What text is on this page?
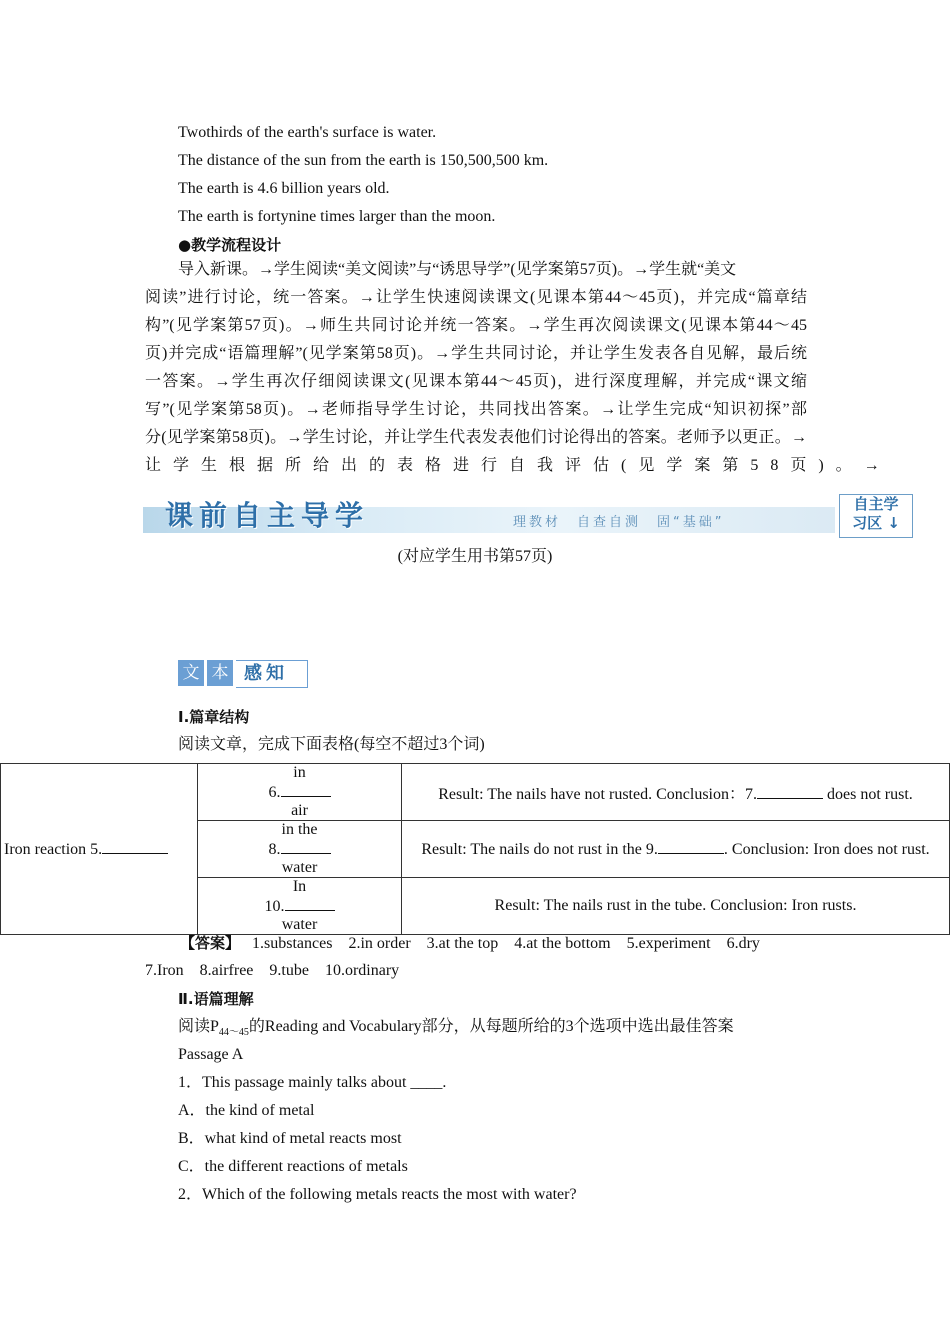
Twothirds of the earth's surface is water.
The distance of the sun from the earth is 150,500,500 km.
The earth is 4.6 billion years old.
The earth is fortynine times larger than the moon.
●教学流程设计
导入新课。→学生阅读“美文阅读”与“诱思导学”(见学案第57页)。→学生就“美文
阅读”进行讨论，统一答案。→让学生快速阅读课文(见课本第44～45页)，并完成“篇章结
构”(见学案第57页)。→师生共同讨论并统一答案。→学生再次阅读课文(见课本第44～45
页)并完成“语篇理解”(见学案第58页)。→学生共同讨论，并让学生发表各自见解，最后统
一答案。→学生再次仔细阅读课文(见课本第44～45页)，进行深度理解，并完成“课文缩
写”(见学案第58页)。→老师指导学生讨论，共同找出答案。→让学生完成“知识初探”部
分(见学案第58页)。→学生讨论，并让学生代表发表他们讨论得出的答案。老师予以更正。→
让学生根据所给出的表格进行自我评估(见学案第58页)。→
课前自主导学	理教材　自查自测　固“基础”
自主学
习区 ↓
(对应学生用书第57页)
文 本 感知
Ⅰ.篇章结构
阅读文章，完成下面表格(每空不超过3个词)
Iron reaction 5.	in
6.
air	Result: The nails have not rusted. Conclusion：7. does not rust.

	in the
8.
water	Result: The nails do not rust in the 9. . Conclusion: Iron does not rust.

	In
10.
water	Result: The nails rust in the tube. Conclusion: Iron rusts.
【答案】 1.substances　2.in order　3.at the top　4.at the bottom　5.experiment　6.dry
7.Iron　8.airfree　9.tube　10.ordinary
Ⅱ.语篇理解
阅读$P_{44\sim 45}$的Reading and Vocabulary部分，从每题所给的3个选项中选出最佳答案
Passage A
1．This passage mainly talks about ____.
A．the kind of metal
B．what kind of metal reacts most
C．the different reactions of metals
2．Which of the following metals reacts the most with water?
